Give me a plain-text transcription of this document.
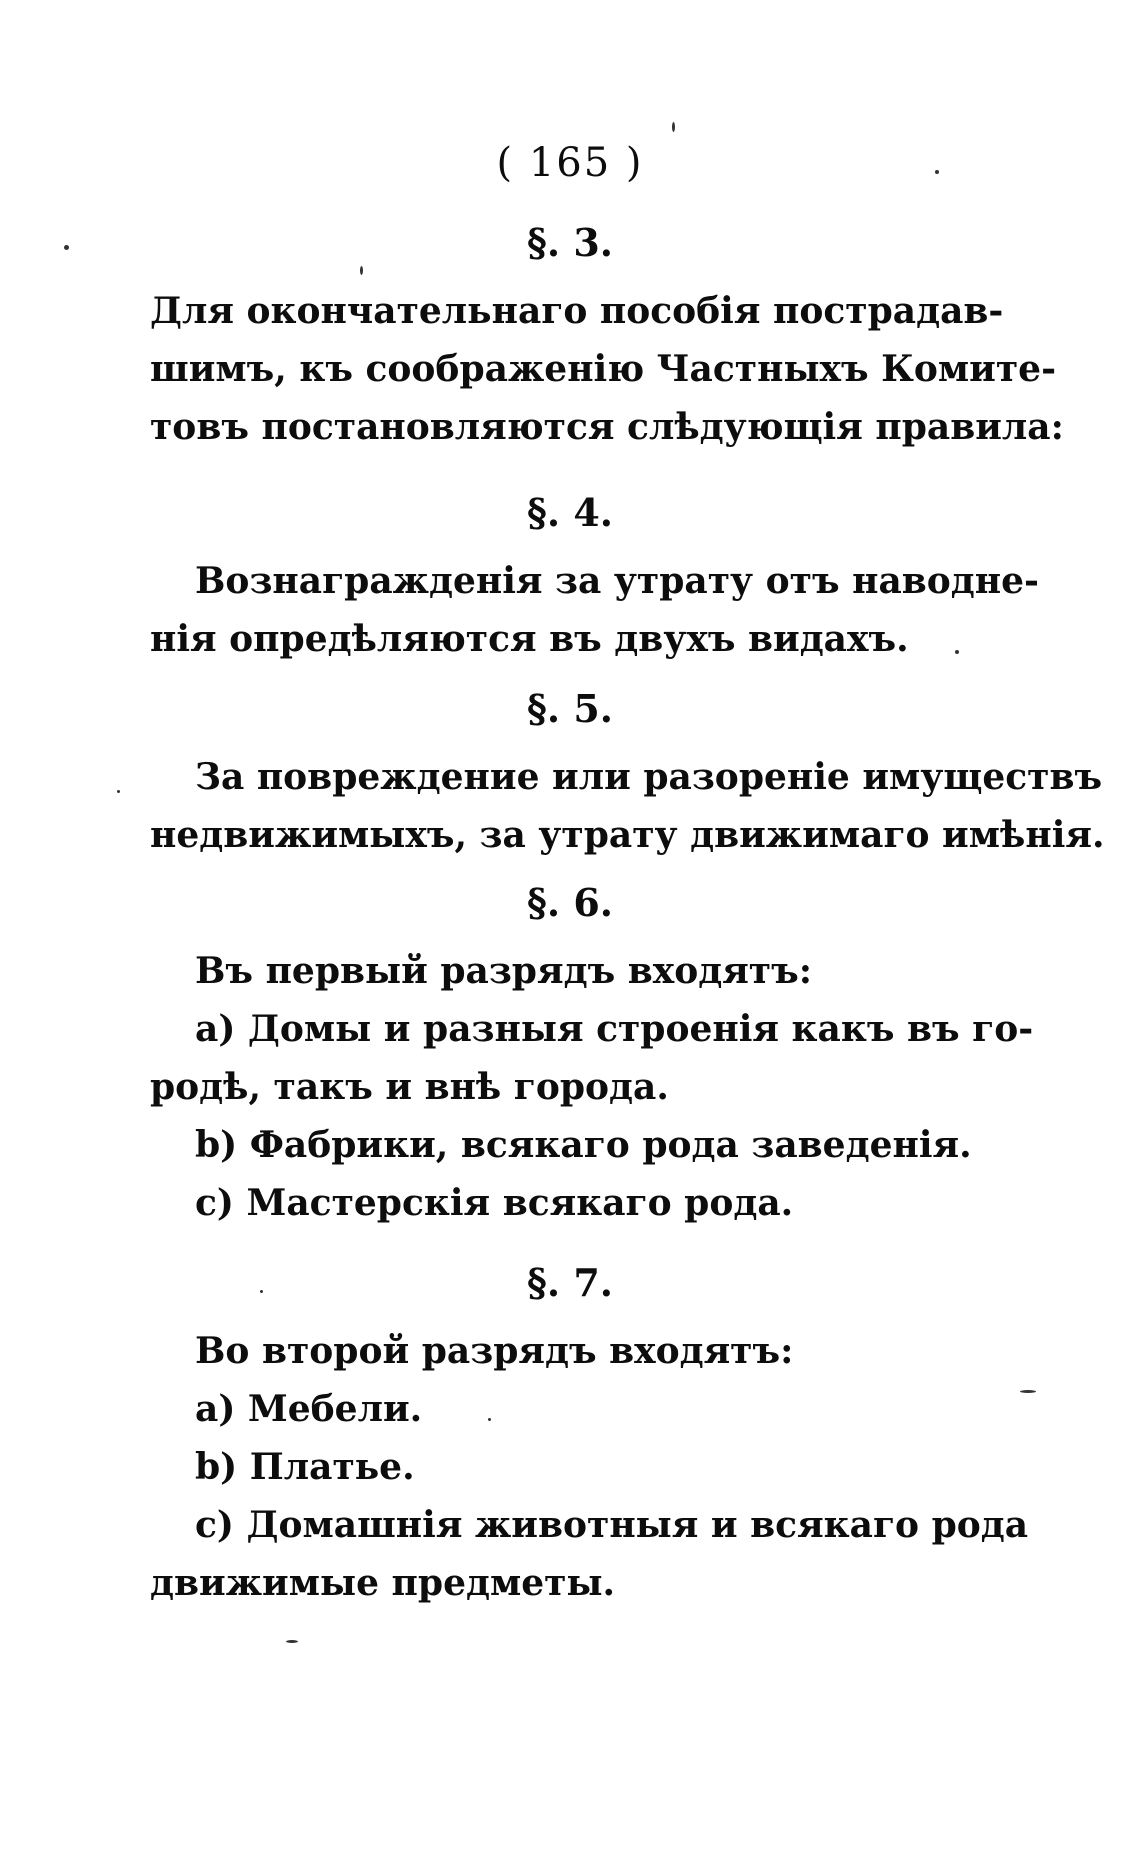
( 165 )
§. 3.
Для окончательнаго пособія пострадав-
шимъ, къ соображенію Частныхъ Комите-
товъ постановляются слѣдующія правила:
§. 4.
Вознагражденія за утрату отъ наводне-
нія опредѣляются въ двухъ видахъ.
§. 5.
За повреждение или разореніе имуществъ
недвижимыхъ, за утрату движимаго имѣнія.
§. 6.
Въ первый разрядъ входятъ:
a) Домы и разныя строенія какъ въ го-
родѣ, такъ и внѣ города.
b) Фабрики, всякаго рода заведенія.
c) Мастерскія всякаго рода.
§. 7.
Во второй разрядъ входятъ:
a) Мебели.
b) Платье.
c) Домашнія животныя и всякаго рода
движимые предметы.
